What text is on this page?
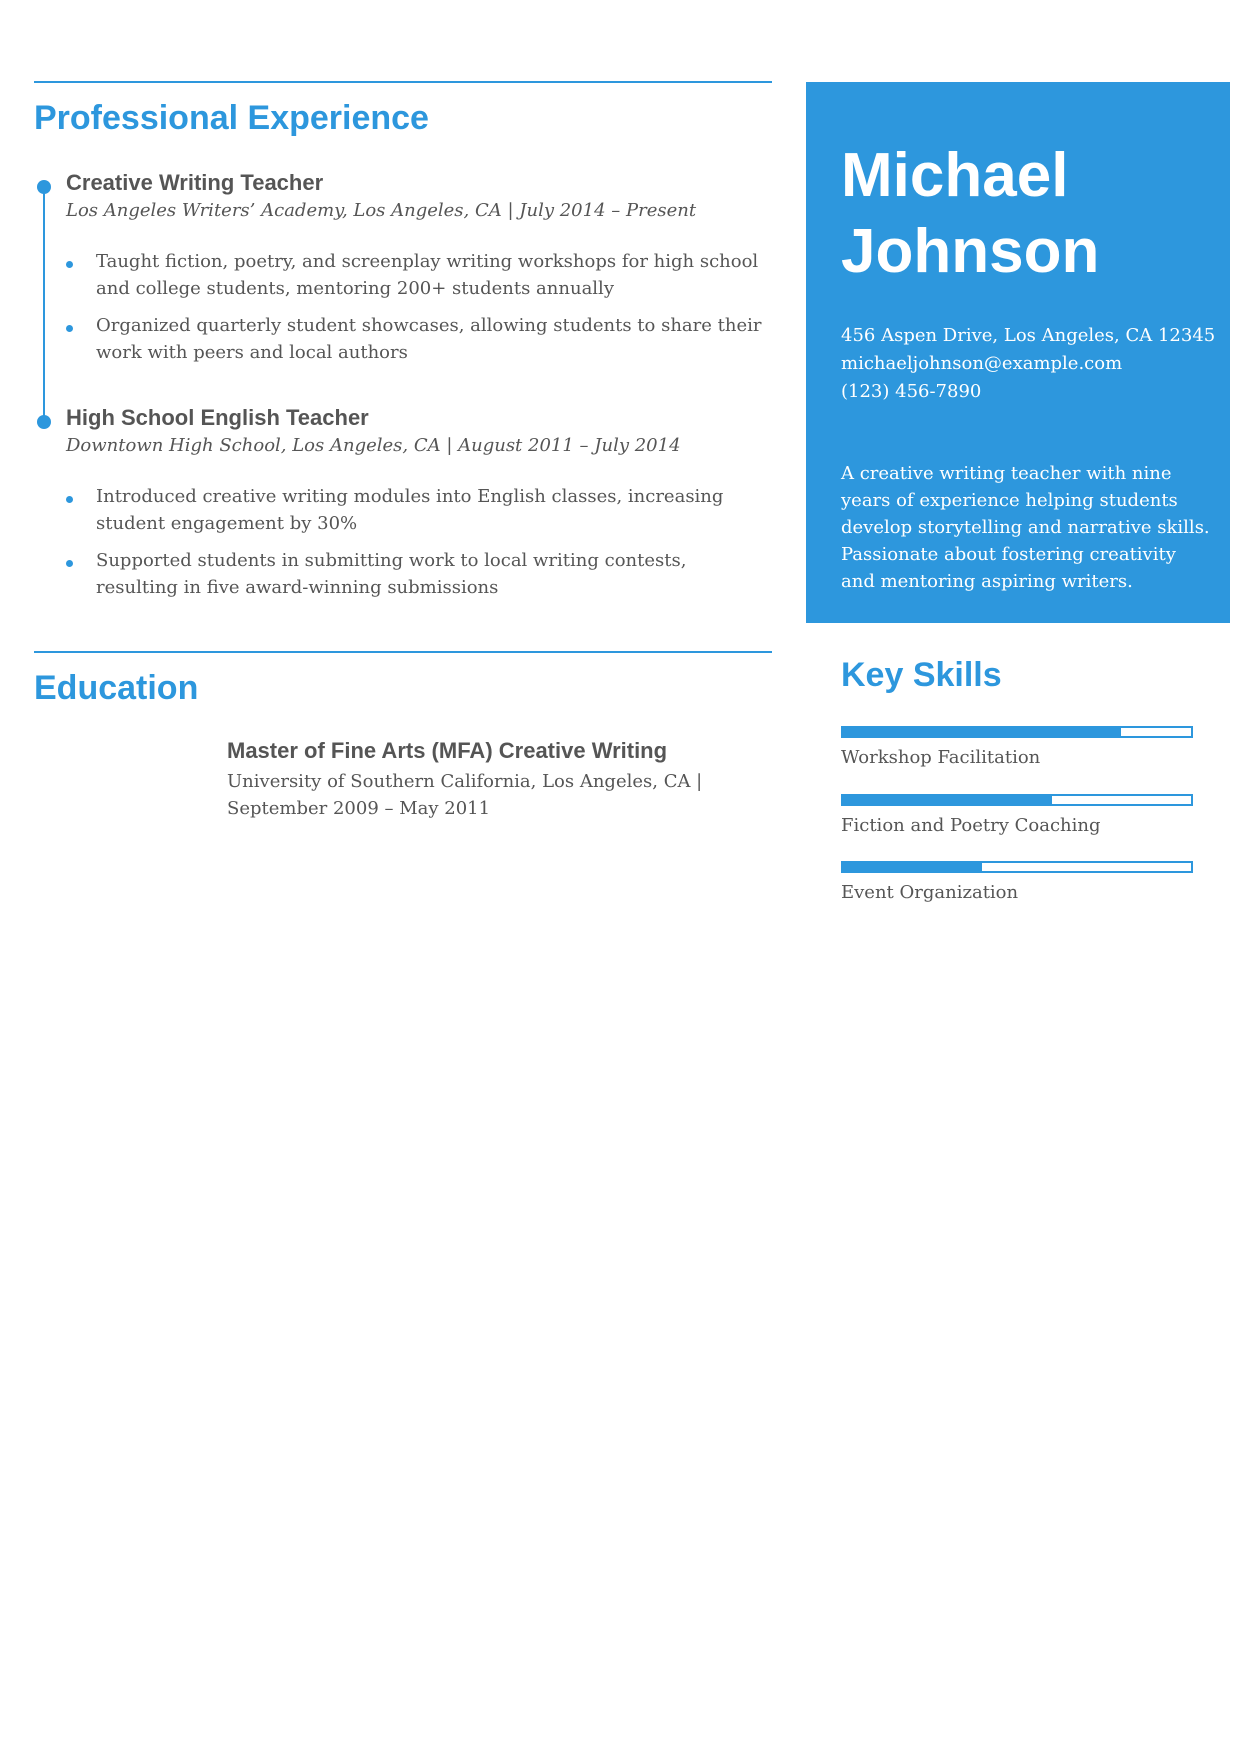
Professional Experience
Creative Writing Teacher
Los Angeles Writers’ Academy, Los Angeles, CA | July 2014 – Present
Taught fiction, poetry, and screenplay writing workshops for high school and college students, mentoring 200+ students annually
Organized quarterly student showcases, allowing students to share their work with peers and local authors
High School English Teacher
Downtown High School, Los Angeles, CA | August 2011 – July 2014
Introduced creative writing modules into English classes, increasing student engagement by 30%
Supported students in submitting work to local writing contests, resulting in five award-winning submissions
Education
Master of Fine Arts (MFA) Creative Writing
University of Southern California, Los Angeles, CA | September 2009 – May 2011
Michael
Johnson
456 Aspen Drive, Los Angeles, CA 12345
michaeljohnson@example.com
(123) 456-7890
A creative writing teacher with nine years of experience helping students develop storytelling and narrative skills. Passionate about fostering creativity and mentoring aspiring writers.
Key Skills
Workshop Facilitation
Fiction and Poetry Coaching
Event Organization
